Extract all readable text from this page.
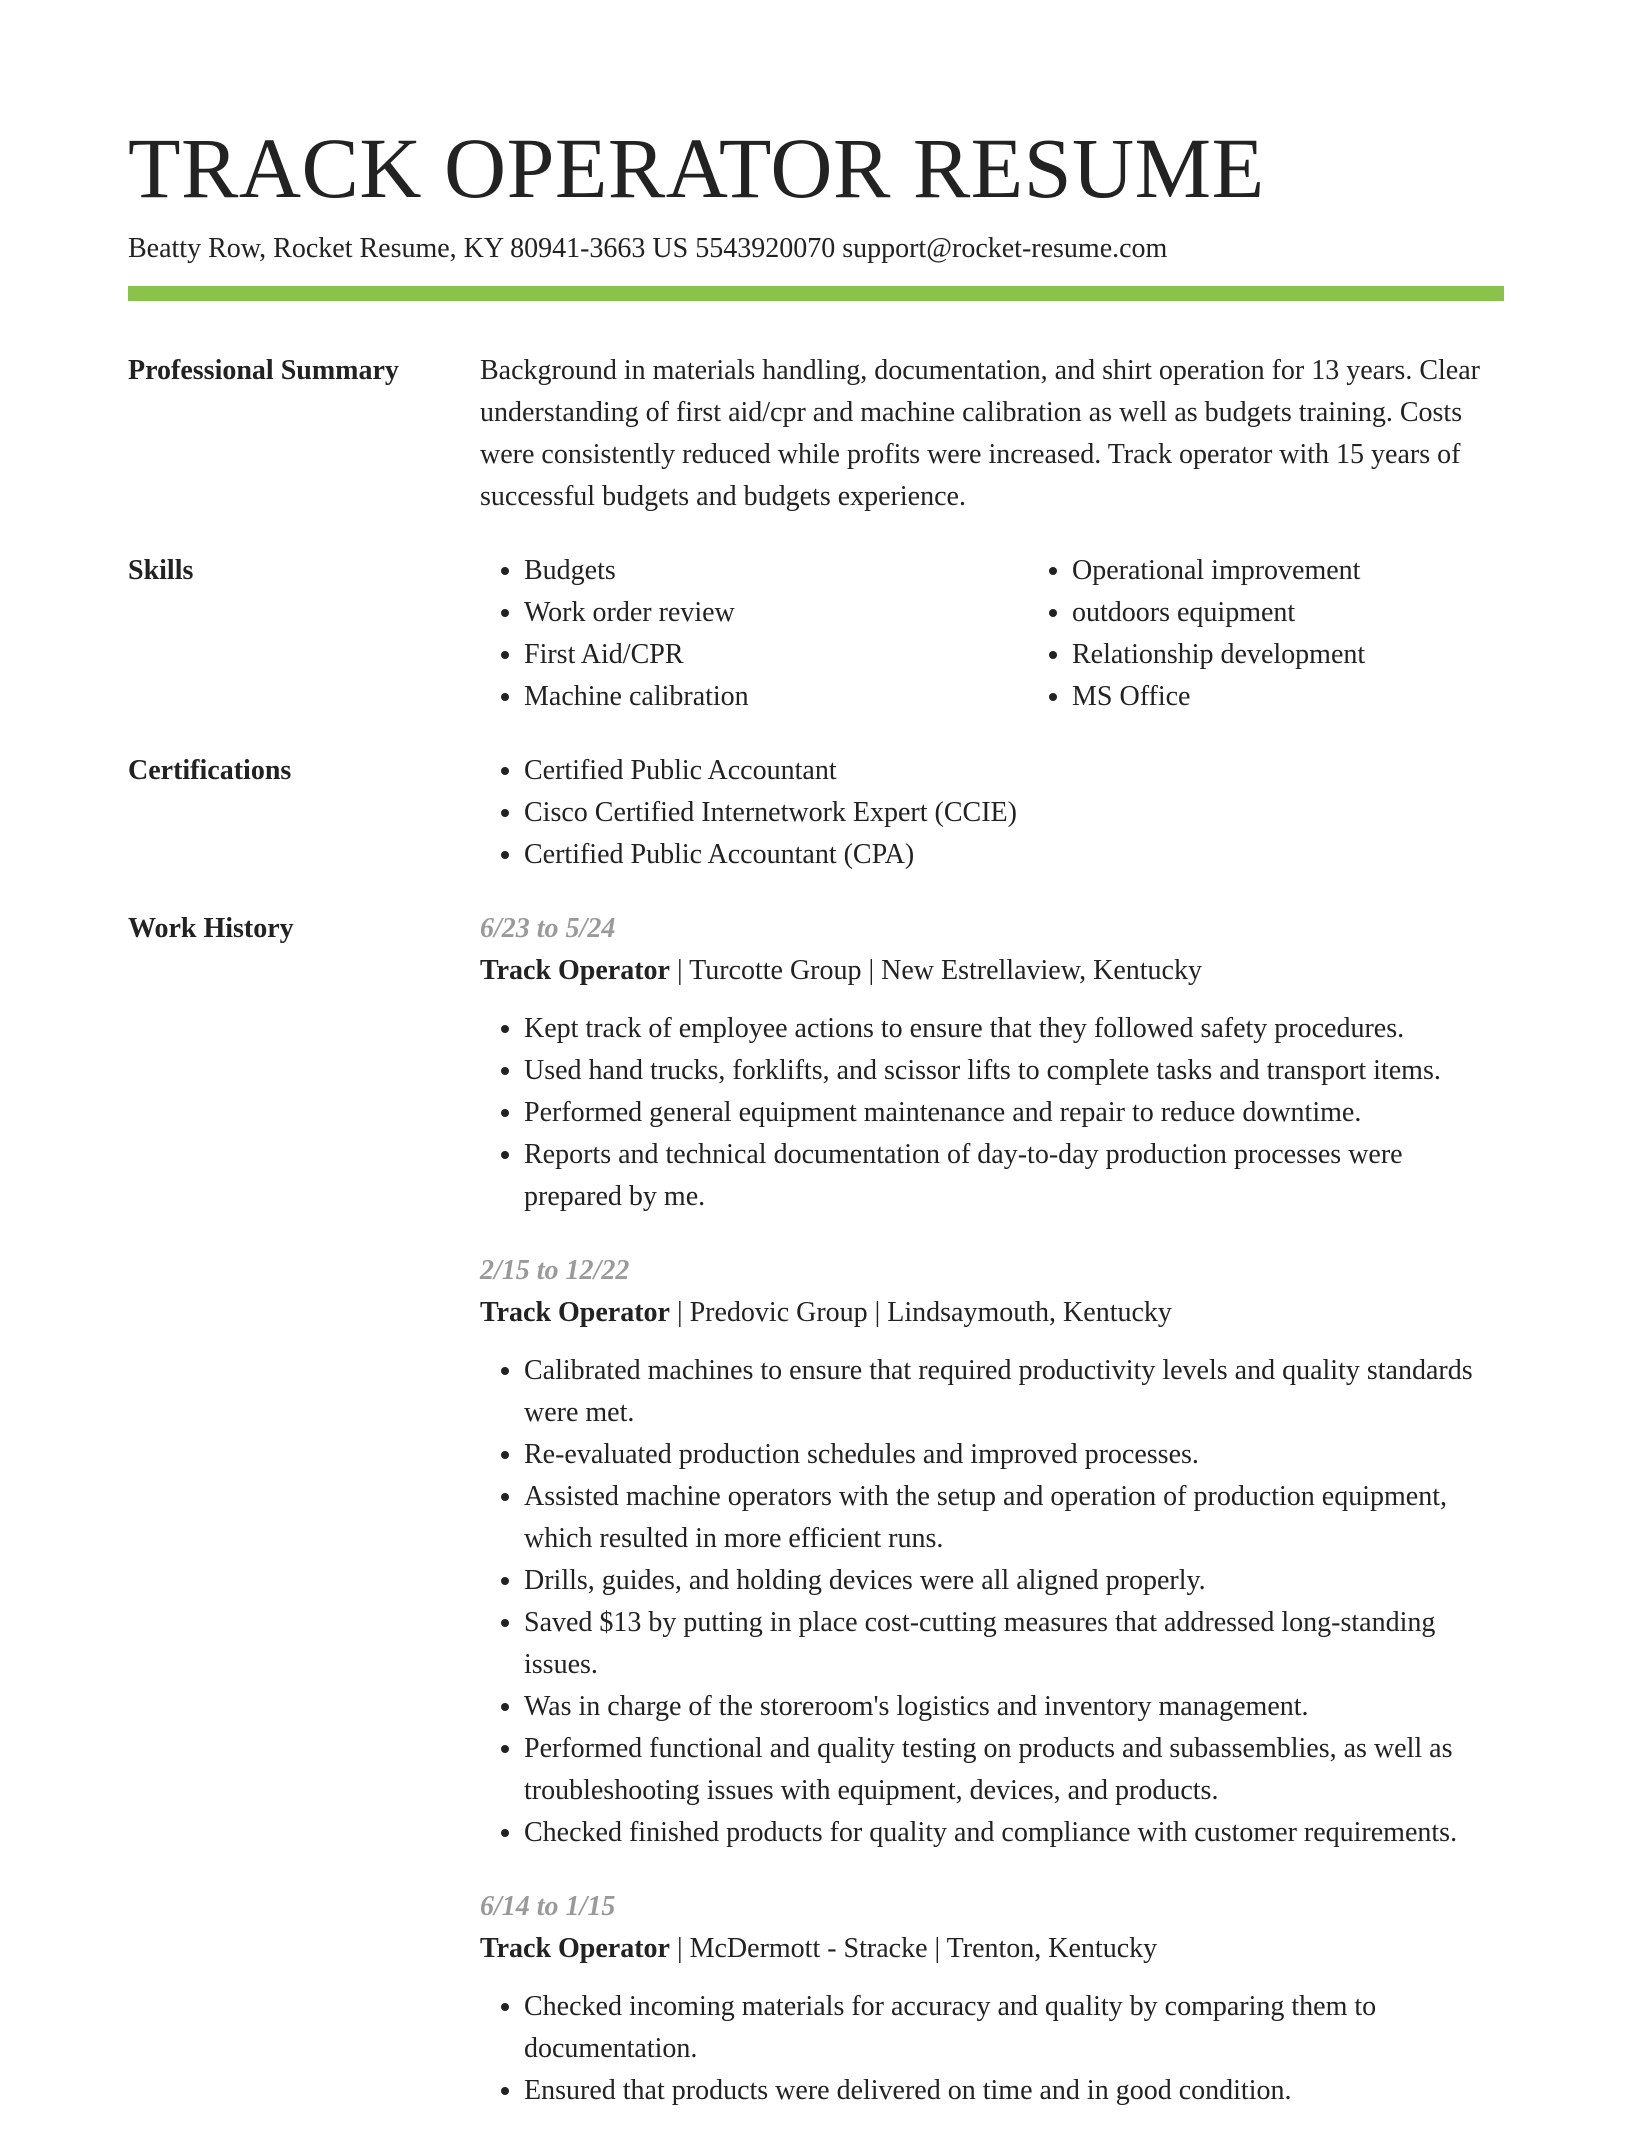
TRACK OPERATOR RESUME
Beatty Row, Rocket Resume, KY 80941-3663 US 5543920070 support@rocket-resume.com
Professional Summary	Background in materials handling, documentation, and shirt operation for 13 years. Clear understanding of first aid/cpr and machine calibration as well as budgets training. Costs were consistently reduced while profits were increased. Track operator with 15 years of successful budgets and budgets experience.

Skills	• Budgets
• Work order review
• First Aid/CPR
• Machine calibration
• Operational improvement
• outdoors equipment
• Relationship development
• MS Office
Certifications	• Certified Public Accountant
• Cisco Certified Internetwork Expert (CCIE)
• Certified Public Accountant (CPA)
Work History	6/23 to 5/24
Track Operator | Turcotte Group | New Estrellaview, Kentucky
• Kept track of employee actions to ensure that they followed safety procedures.
• Used hand trucks, forklifts, and scissor lifts to complete tasks and transport items.
• Performed general equipment maintenance and repair to reduce downtime.
• Reports and technical documentation of day-to-day production processes were prepared by me.
2/15 to 12/22
Track Operator | Predovic Group | Lindsaymouth, Kentucky
• Calibrated machines to ensure that required productivity levels and quality standards were met.
• Re-evaluated production schedules and improved processes.
• Assisted machine operators with the setup and operation of production equipment, which resulted in more efficient runs.
• Drills, guides, and holding devices were all aligned properly.
• Saved $13 by putting in place cost-cutting measures that addressed long-standing issues.
• Was in charge of the storeroom's logistics and inventory management.
• Performed functional and quality testing on products and subassemblies, as well as troubleshooting issues with equipment, devices, and products.
• Checked finished products for quality and compliance with customer requirements.
6/14 to 1/15
Track Operator | McDermott - Stracke | Trenton, Kentucky
• Checked incoming materials for accuracy and quality by comparing them to documentation.
• Ensured that products were delivered on time and in good condition.
